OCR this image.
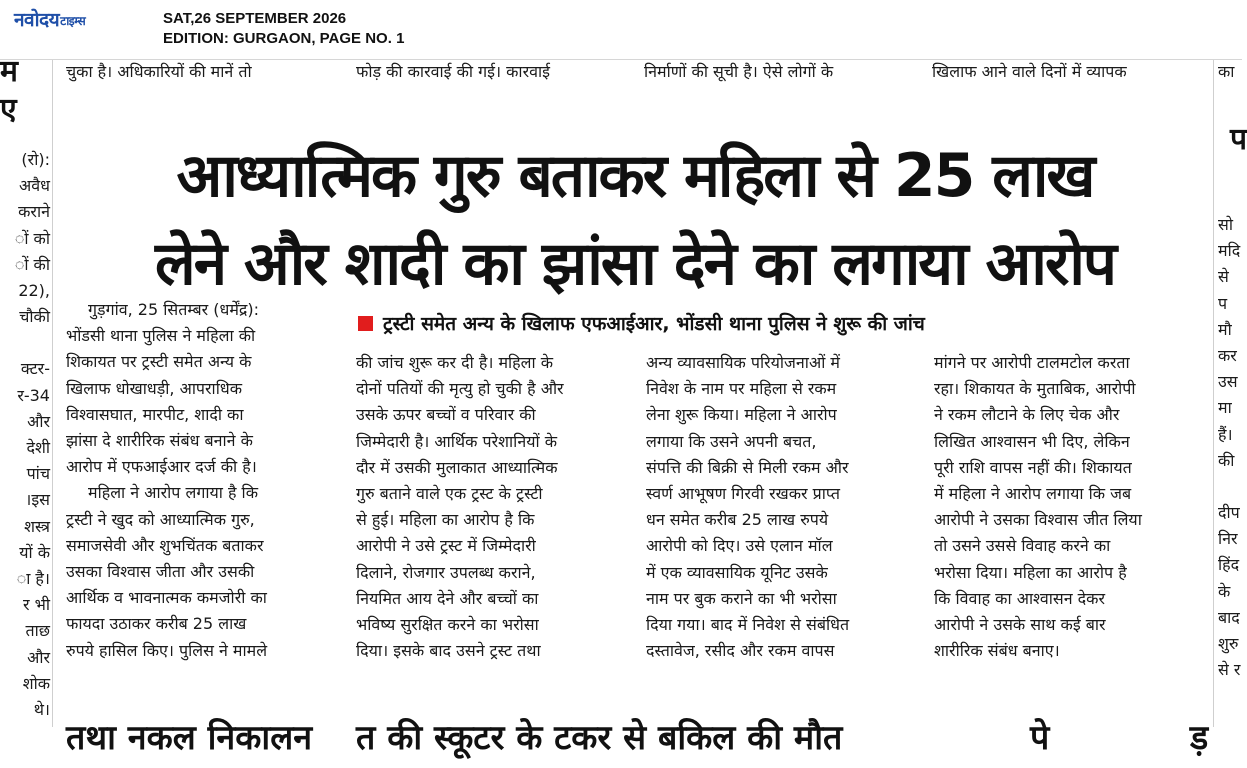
नवोदयटाइम्स	SAT,26 SEPTEMBER 2026
EDITION: GURGAON, PAGE NO. 1
चुका है। अधिकारियों की मानें तो	फोड़ की कारवाई की गई। कारवाई	निर्माणों की सूची है। ऐसे लोगों के	खिलाफ आने वाले दिनों में व्यापक	का
म
ए
(रो):
अवैध
कराने
ों को
ों की
22),
चौकी
क्टर-
र-34
और
देशी
पांच
।इस
शस्त्र
यों के
ा है।
र भी
ताछ
और
शोक
थे।
प
सो
मदि
से प
मौ
कर
उस
मा
हैं।
की
दीप
निर
हिंद
के
बाद
शुरु
से र
आध्यात्मिक गुरु बताकर महिला से 25 लाख
लेने और शादी का झांसा देने का लगाया आरोप
ट्रस्टी समेत अन्य के खिलाफ एफआईआर, भोंडसी थाना पुलिस ने शुरू की जांच
गुड़गांव, 25 सितम्बर (धर्मेंद्र):
भोंडसी थाना पुलिस ने महिला की
शिकायत पर ट्रस्टी समेत अन्य के
खिलाफ धोखाधड़ी, आपराधिक
विश्वासघात, मारपीट, शादी का
झांसा दे शारीरिक संबंध बनाने के
आरोप में एफआईआर दर्ज की है।
महिला ने आरोप लगाया है कि
ट्रस्टी ने खुद को आध्यात्मिक गुरु,
समाजसेवी और शुभचिंतक बताकर
उसका विश्वास जीता और उसकी
आर्थिक व भावनात्मक कमजोरी का
फायदा उठाकर करीब 25 लाख
रुपये हासिल किए। पुलिस ने मामले
की जांच शुरू कर दी है। महिला के
दोनों पतियों की मृत्यु हो चुकी है और
उसके ऊपर बच्चों व परिवार की
जिम्मेदारी है। आर्थिक परेशानियों के
दौर में उसकी मुलाकात आध्यात्मिक
गुरु बताने वाले एक ट्रस्ट के ट्रस्टी
से हुई। महिला का आरोप है कि
आरोपी ने उसे ट्रस्ट में जिम्मेदारी
दिलाने, रोजगार उपलब्ध कराने,
नियमित आय देने और बच्चों का
भविष्य सुरक्षित करने का भरोसा
दिया। इसके बाद उसने ट्रस्ट तथा
अन्य व्यावसायिक परियोजनाओं में
निवेश के नाम पर महिला से रकम
लेना शुरू किया। महिला ने आरोप
लगाया कि उसने अपनी बचत,
संपत्ति की बिक्री से मिली रकम और
स्वर्ण आभूषण गिरवी रखकर प्राप्त
धन समेत करीब 25 लाख रुपये
आरोपी को दिए। उसे एलान मॉल
में एक व्यावसायिक यूनिट उसके
नाम पर बुक कराने का भी भरोसा
दिया गया। बाद में निवेश से संबंधित
दस्तावेज, रसीद और रकम वापस
मांगने पर आरोपी टालमटोल करता
रहा। शिकायत के मुताबिक, आरोपी
ने रकम लौटाने के लिए चेक और
लिखित आश्वासन भी दिए, लेकिन
पूरी राशि वापस नहीं की। शिकायत
में महिला ने आरोप लगाया कि जब
आरोपी ने उसका विश्वास जीत लिया
तो उसने उससे विवाह करने का
भरोसा दिया। महिला का आरोप है
कि विवाह का आश्वासन देकर
आरोपी ने उसके साथ कई बार
शारीरिक संबंध बनाए।
तथा नकल निकालन	त की स्कूटर के टकर से बकिल की मौत	पे	ड़
